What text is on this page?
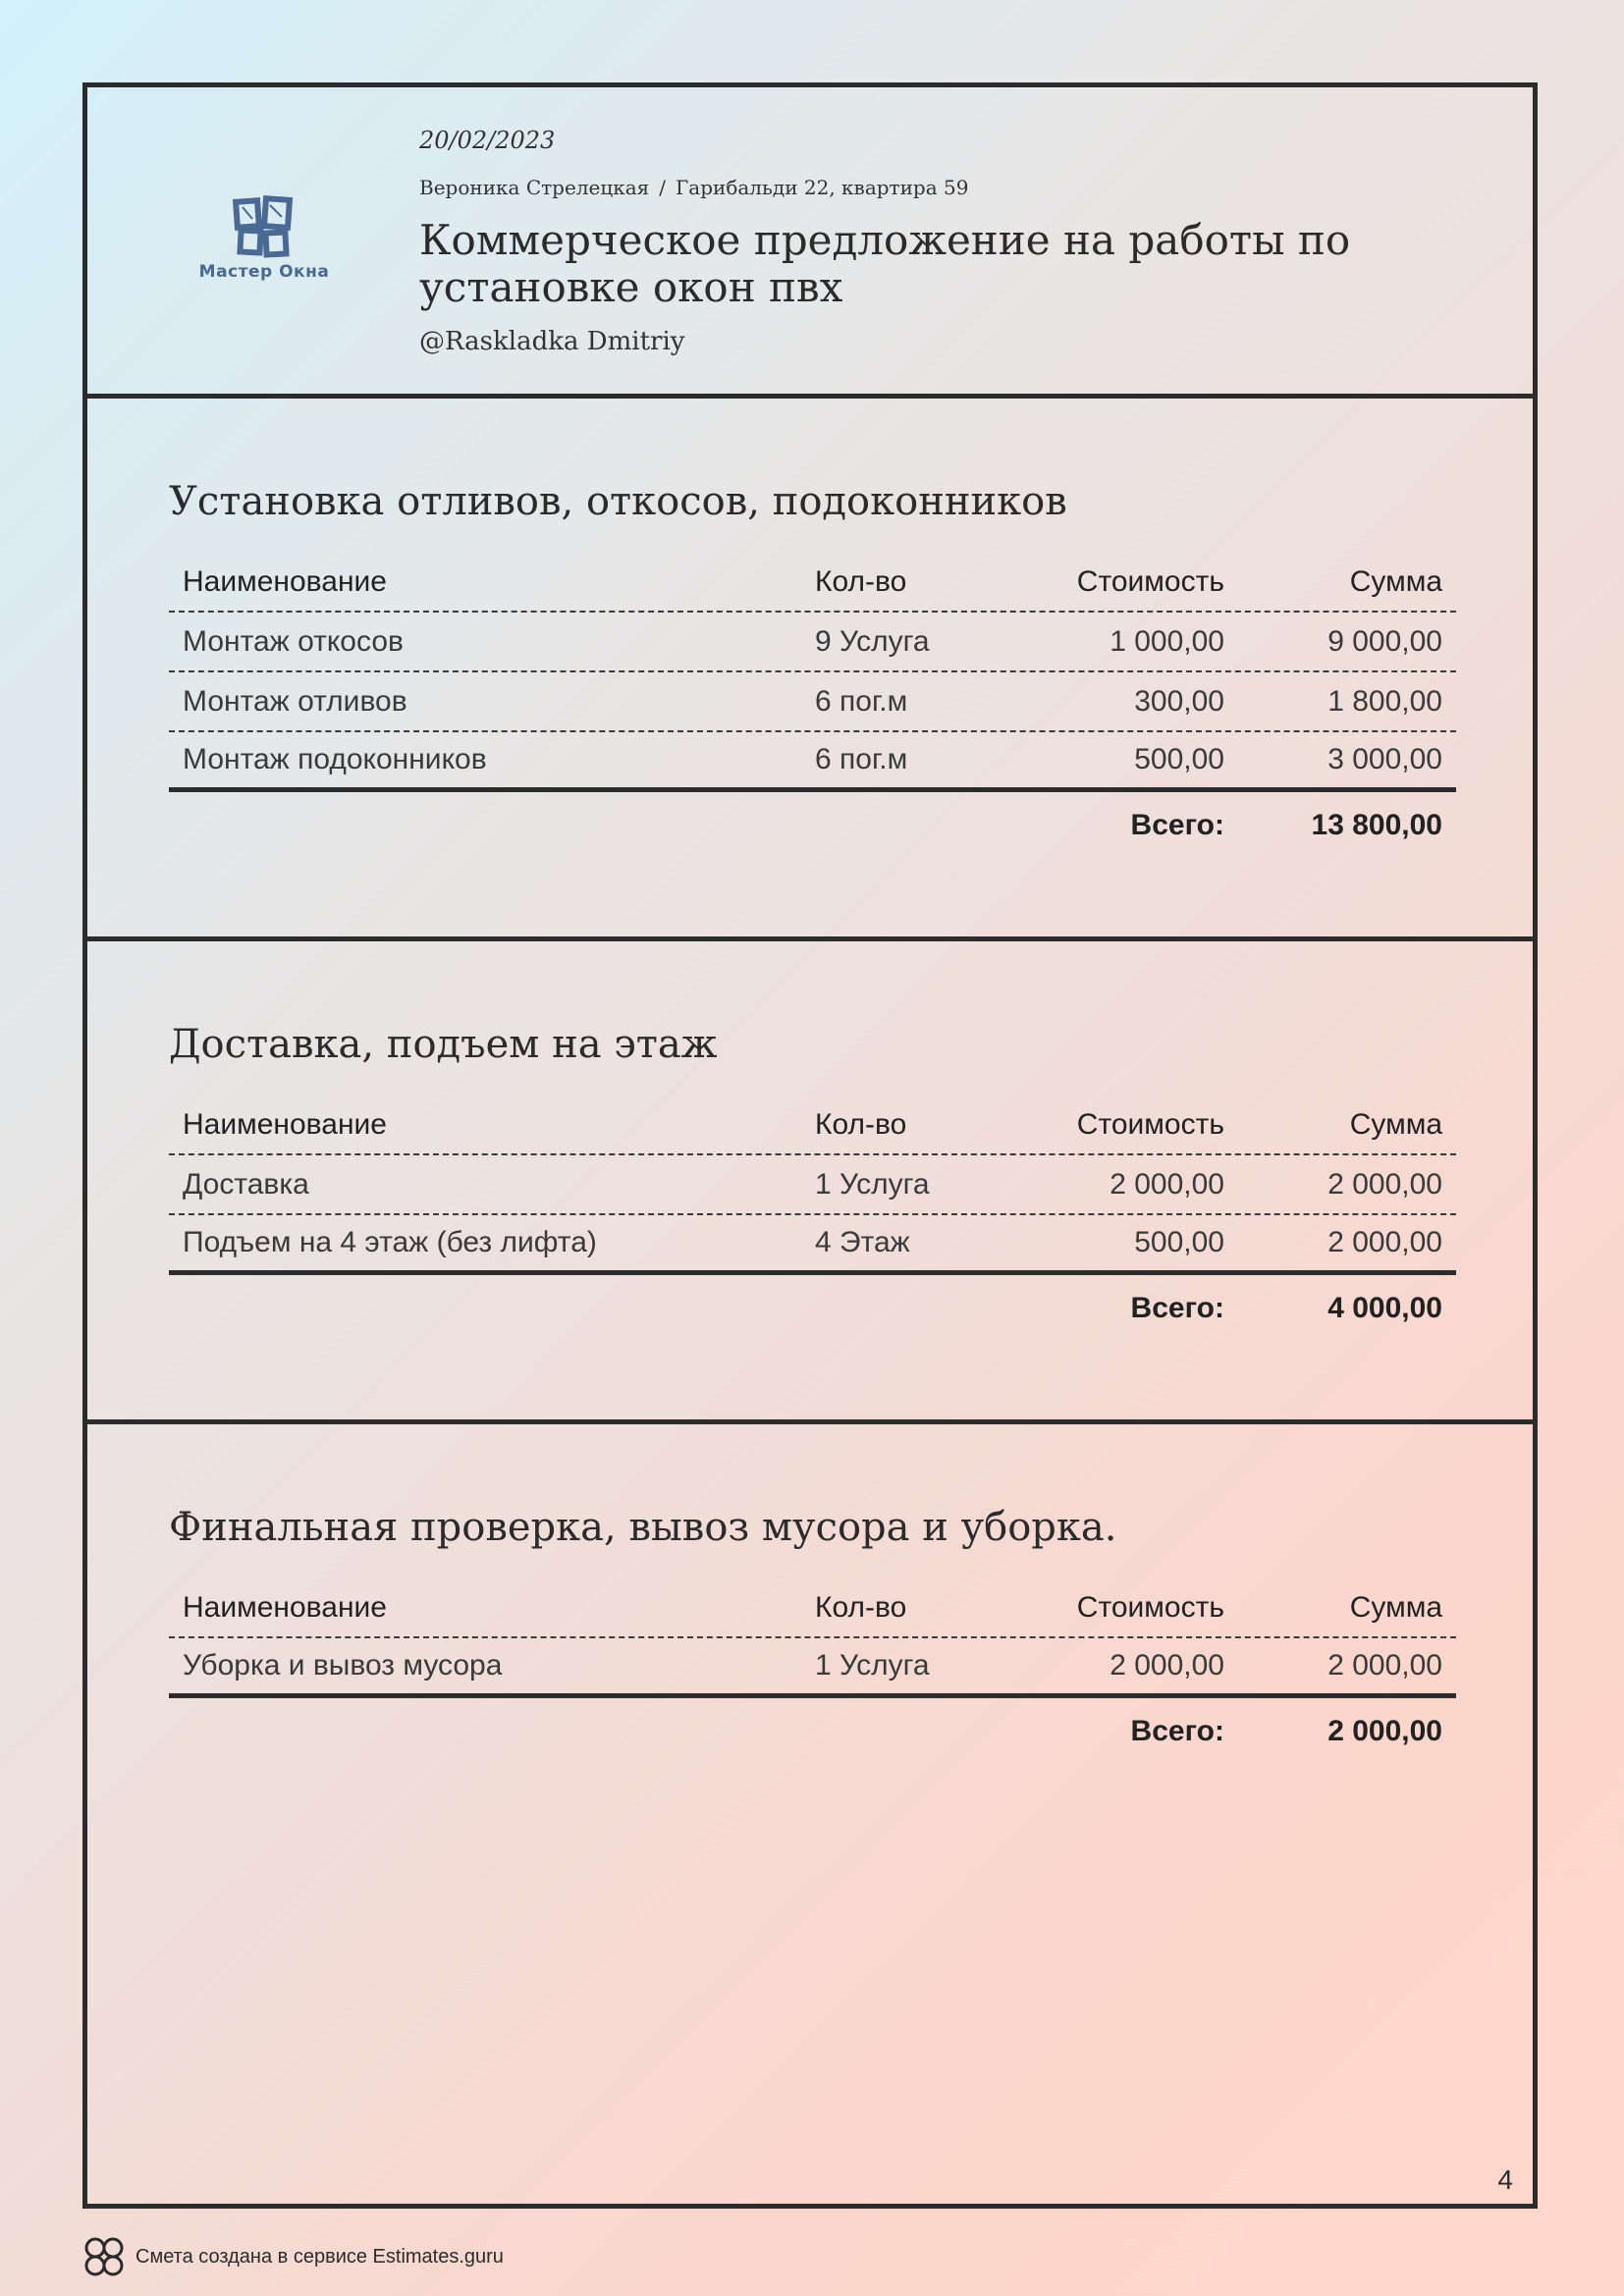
Мастер Окна
20/02/2023
Вероника Стрелецкая / Гарибальди 22, квартира 59
Коммерческое предложение на работы по установке окон пвх
@Raskladka Dmitriy
Установка отливов, откосов, подоконников
Наименование	Кол-во	Стоимость	Сумма
Монтаж откосов	9 Услуга	1 000,00	9 000,00
Монтаж отливов	6 пог.м	300,00	1 800,00
Монтаж подоконников	6 пог.м	500,00	3 000,00
Всего:	13 800,00
Доставка, подъем на этаж
Наименование	Кол-во	Стоимость	Сумма
Доставка	1 Услуга	2 000,00	2 000,00
Подъем на 4 этаж (без лифта)	4 Этаж	500,00	2 000,00
Всего:	4 000,00
Финальная проверка, вывоз мусора и уборка.
Наименование	Кол-во	Стоимость	Сумма
Уборка и вывоз мусора	1 Услуга	2 000,00	2 000,00
Всего:	2 000,00
4
Смета создана в сервисе Estimates.guru
